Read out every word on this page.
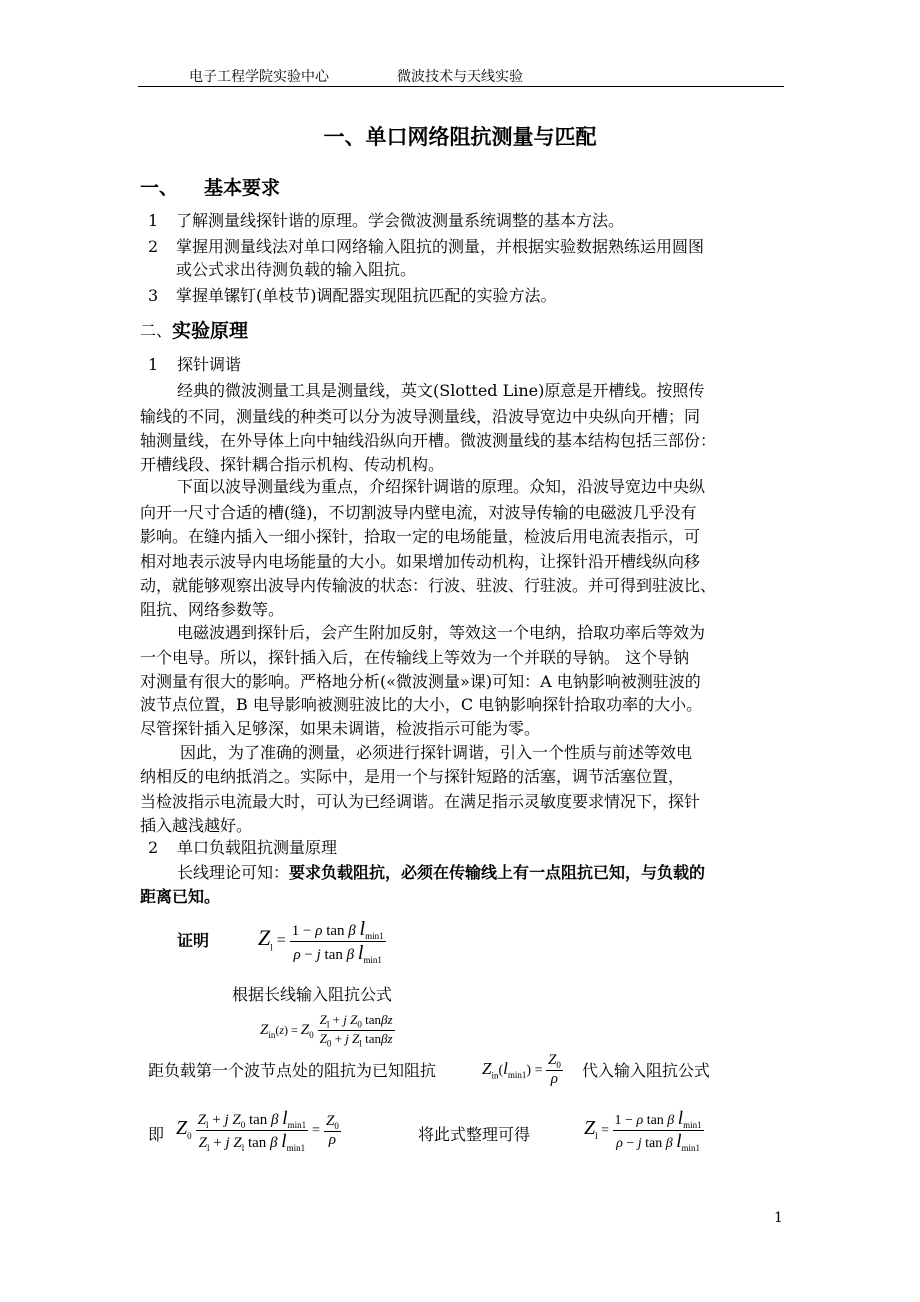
电子工程学院实验中心	微波技术与天线实验
一、单口网络阻抗测量与匹配
一、 基本要求
1 了解测量线探针谐的原理。学会微波测量系统调整的基本方法。
2 掌握用测量线法对单口网络输入阻抗的测量，并根据实验数据熟练运用圆图
或公式求出待测负载的输入阻抗。
3 掌握单镙钉(单枝节)调配器实现阻抗匹配的实验方法。
二、 实验原理
1 探针调谐
经典的微波测量工具是测量线，英文(Slotted Line)原意是开槽线。按照传
输线的不同，测量线的种类可以分为波导测量线，沿波导宽边中央纵向开槽；同
轴测量线，在外导体上向中轴线沿纵向开槽。微波测量线的基本结构包括三部份：
开槽线段、探针耦合指示机构、传动机构。
下面以波导测量线为重点，介绍探针调谐的原理。众知，沿波导宽边中央纵
向开一尺寸合适的槽(缝)，不切割波导内壁电流，对波导传输的电磁波几乎没有
影响。在缝内插入一细小探针，拾取一定的电场能量，检波后用电流表指示，可
相对地表示波导内电场能量的大小。如果增加传动机构，让探针沿开槽线纵向移
动，就能够观察出波导内传输波的状态：行波、驻波、行驻波。并可得到驻波比、
阻抗、网络参数等。
电磁波遇到探针后，会产生附加反射，等效这一个电纳，拾取功率后等效为
一个电导。所以，探针插入后，在传输线上等效为一个并联的导钠。 这个导钠
对测量有很大的影响。严格地分析(«微波测量»课)可知：A 电钠影响被测驻波的
波节点位置，B 电导影响被测驻波比的大小，C 电钠影响探针拾取功率的大小。
尽管探针插入足够深，如果未调谐，检波指示可能为零。
因此，为了准确的测量，必须进行探针调谐，引入一个性质与前述等效电
纳相反的电纳抵消之。实际中，是用一个与探针短路的活塞，调节活塞位置，
当检波指示电流最大时，可认为已经调谐。在满足指示灵敏度要求情况下，探针
插入越浅越好。
2 单口负载阻抗测量原理
长线理论可知：要求负载阻抗，必须在传输线上有一点阻抗已知，与负载的
距离已知。
证明 $Z_l = \frac{1 - \rho \tan \beta l_{min1}}{\rho - j \tan \beta l_{min1}}$
根据长线输入阻抗公式
$Z_{in}(z) = Z_0 \frac{Z_l + j Z_0 \tan\beta z}{Z_0 + j Z_l \tan\beta z}$
距负载第一个波节点处的阻抗为已知阻抗	$Z_{in}(l_{min1}) = \frac{Z_0}{\rho}$ 代入输入阻抗公式
即 $Z_0 \frac{Z_l + j Z_0 \tan \beta l_{min1}}{Z_l + j Z_l \tan \beta l_{min1}} = \frac{Z_0}{\rho}$	将此式整理可得	$Z_l = \frac{1 - \rho \tan \beta l_{min1}}{\rho - j \tan \beta l_{min1}}$
1
